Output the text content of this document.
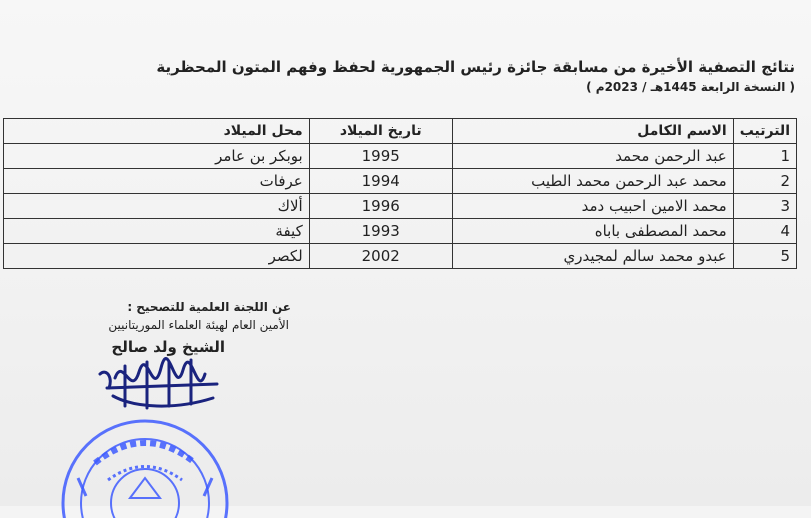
نتائج التصفية الأخيرة من مسابقة جائزة رئيس الجمهورية لحفظ وفهم المتون المحظرية
( النسخة الرابعة 1445هـ / 2023م )
الترتيب	الاسم الكامل	تاريخ الميلاد	محل الميلاد
1	عبد الرحمن محمد	1995	بوبكر بن عامر
2	محمد عبد الرحمن محمد الطيب	1994	عرفات
3	محمد الامين احبيب دمد	1996	ألاك
4	محمد المصطفى باباه	1993	كيفة
5	عبدو محمد سالم لمجيدري	2002	لكصر
عن اللجنة العلمية للتصحيح :
الأمين العام لهيئة العلماء الموريتانيين
الشيخ ولد صالح
